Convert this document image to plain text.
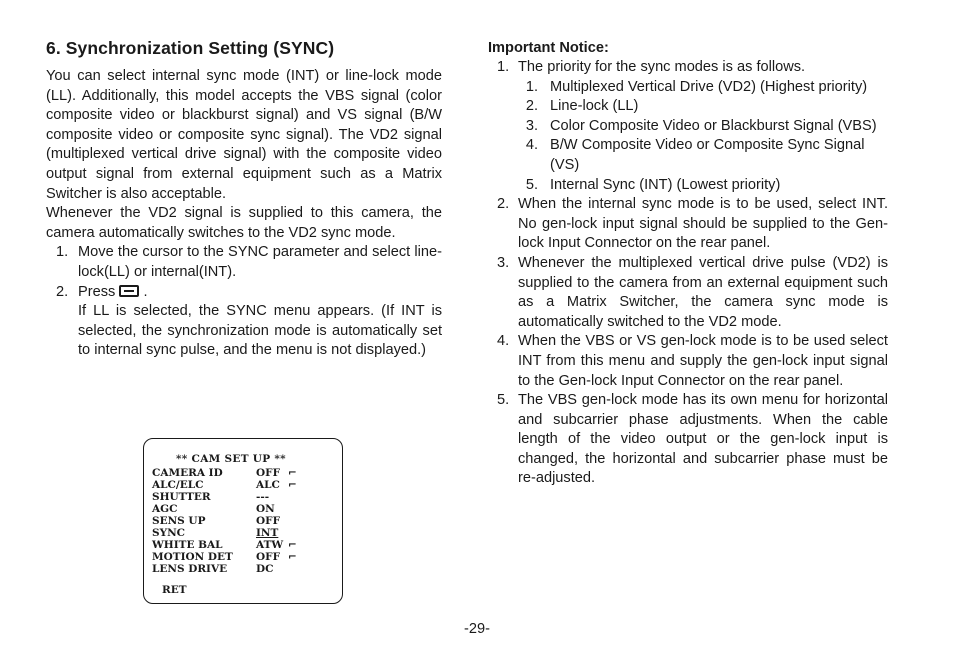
6. Synchronization Setting (SYNC)

You can select internal sync mode (INT) or line-lock mode (LL). Additionally, this model accepts the VBS signal (color composite video or blackburst signal) and VS signal (B/W composite video or composite sync signal). The VD2 signal (multiplexed vertical drive signal) with the composite video output signal from external equipment such as a Matrix Switcher is also acceptable.

Whenever the VD2 signal is supplied to this camera, the camera automatically switches to the VD2 sync mode.

1. Move the cursor to the SYNC parameter and select line-lock(LL) or internal(INT).
2. Press .
If LL is selected, the SYNC menu appears. (If INT is selected, the synchronization mode is automatically set to internal sync pulse, and the menu is not displayed.)
** CAM SET UP **
CAMERA ID	OFF ⌐
ALC/ELC	ALC ⌐
SHUTTER	---
AGC	ON
SENS UP	OFF
SYNC	INT
WHITE BAL	ATW ⌐
MOTION DET OFF ⌐
LENS DRIVE	DC
RET
Important Notice:
1. The priority for the sync modes is as follows.
1. Multiplexed Vertical Drive (VD2) (Highest priority)
2. Line-lock (LL)
3. Color Composite Video or Blackburst Signal (VBS)
4. B/W Composite Video or Composite Sync Signal (VS)
5. Internal Sync (INT) (Lowest priority)
2. When the internal sync mode is to be used, select INT. No gen-lock input signal should be supplied to the Gen-lock Input Connector on the rear panel.
3. Whenever the multiplexed vertical drive pulse (VD2) is supplied to the camera from an external equipment such as a Matrix Switcher, the camera sync mode is automatically switched to the VD2 mode.
4. When the VBS or VS gen-lock mode is to be used select INT from this menu and supply the gen-lock input signal to the Gen-lock Input Connector on the rear panel.
5. The VBS gen-lock mode has its own menu for horizontal and subcarrier phase adjustments. When the cable length of the video output or the gen-lock input is changed, the horizontal and subcarrier phase must be re-adjusted.
-29-
